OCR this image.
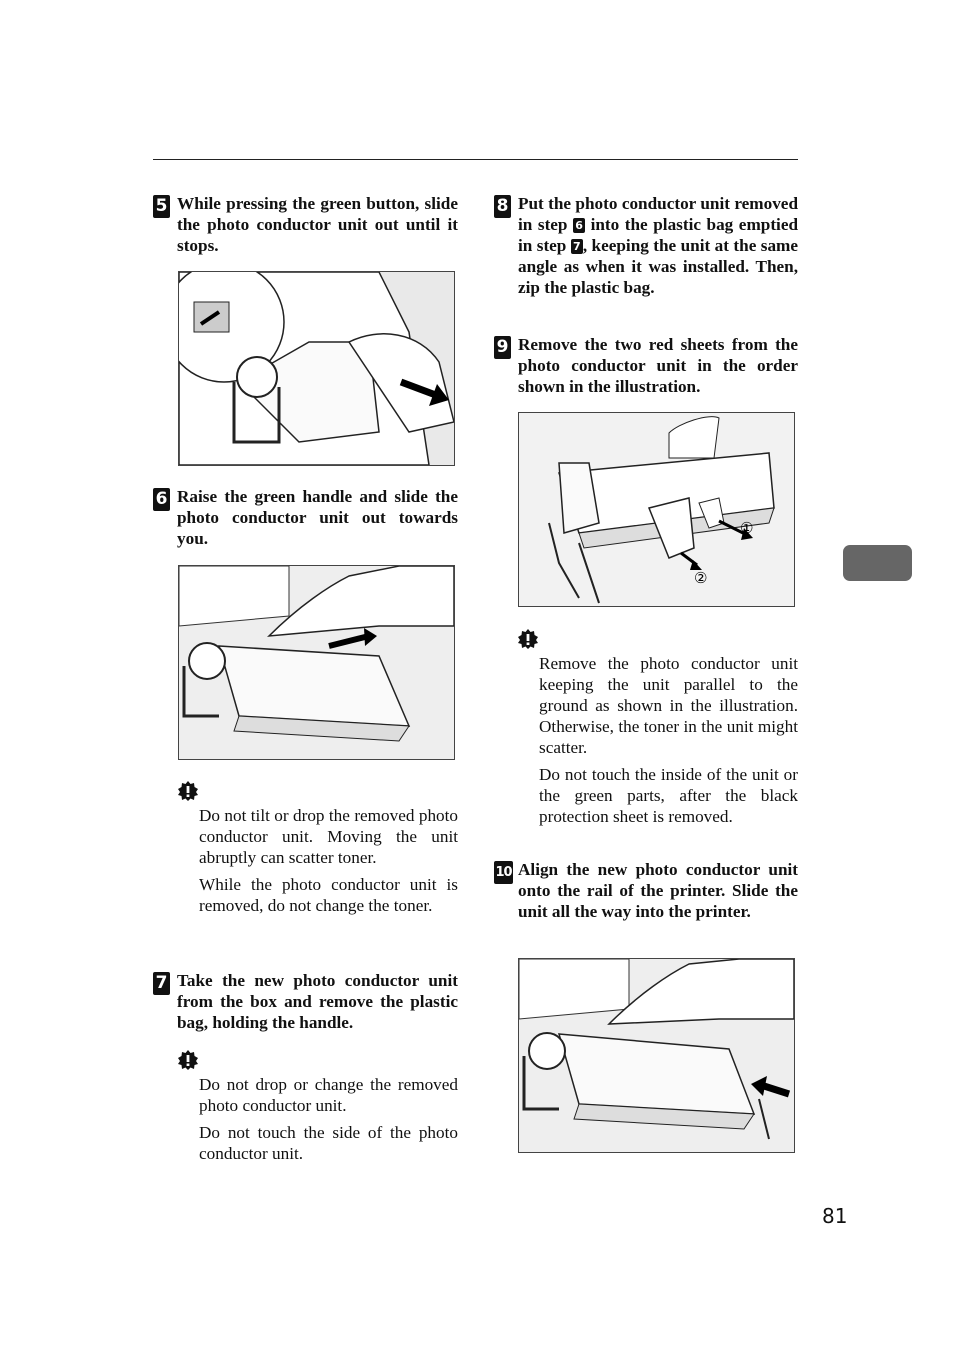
5 While pressing the green button, slide the photo conductor unit out until it stops.

6 Raise the green handle and slide the photo conductor unit out towards you.

Do not tilt or drop the removed photo conductor unit. Moving the unit abruptly can scatter toner.

While the photo conductor unit is removed, do not change the toner.

7 Take the new photo conductor unit from the box and remove the plastic bag, holding the handle.

Do not drop or change the removed photo conductor unit.

Do not touch the side of the photo conductor unit.

8 Put the photo conductor unit removed in step 6 into the plastic bag emptied in step 7 , keeping the unit at the same angle as when it was installed. Then, zip the plastic bag.

9 Remove the two red sheets from the photo conductor unit in the order shown in the illustration.

①
②

Remove the photo conductor unit keeping the unit parallel to the ground as shown in the illustration. Otherwise, the toner in the unit might scatter.

Do not touch the inside of the unit or the green parts, after the black protection sheet is removed.

10 Align the new photo conductor unit onto the rail of the printer. Slide the unit all the way into the printer.

81
